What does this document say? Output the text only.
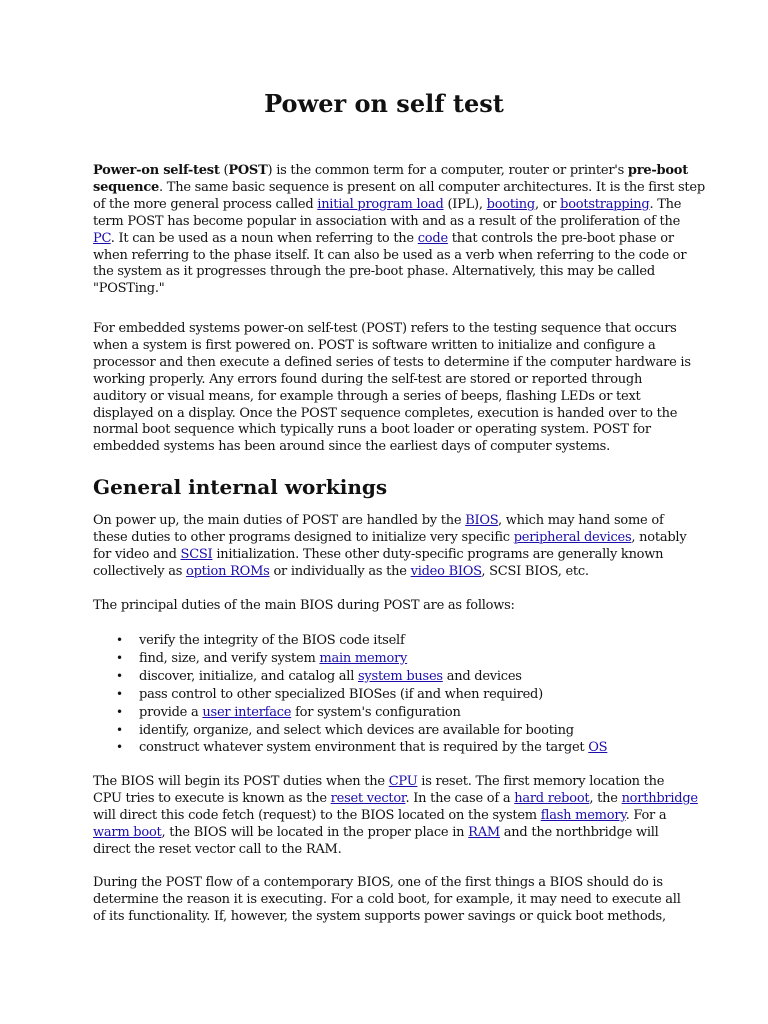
Power on self test
Power-on self-test (POST) is the common term for a computer, router or printer's pre-boot
sequence. The same basic sequence is present on all computer architectures. It is the first step
of the more general process called initial program load (IPL), booting, or bootstrapping. The
term POST has become popular in association with and as a result of the proliferation of the
PC. It can be used as a noun when referring to the code that controls the pre-boot phase or
when referring to the phase itself. It can also be used as a verb when referring to the code or
the system as it progresses through the pre-boot phase. Alternatively, this may be called
"POSTing."
For embedded systems power-on self-test (POST) refers to the testing sequence that occurs
when a system is first powered on. POST is software written to initialize and configure a
processor and then execute a defined series of tests to determine if the computer hardware is
working properly. Any errors found during the self-test are stored or reported through
auditory or visual means, for example through a series of beeps, flashing LEDs or text
displayed on a display. Once the POST sequence completes, execution is handed over to the
normal boot sequence which typically runs a boot loader or operating system. POST for
embedded systems has been around since the earliest days of computer systems.
General internal workings
On power up, the main duties of POST are handled by the BIOS, which may hand some of
these duties to other programs designed to initialize very specific peripheral devices, notably
for video and SCSI initialization. These other duty-specific programs are generally known
collectively as option ROMs or individually as the video BIOS, SCSI BIOS, etc.
The principal duties of the main BIOS during POST are as follows:
• verify the integrity of the BIOS code itself
• find, size, and verify system main memory
• discover, initialize, and catalog all system buses and devices
• pass control to other specialized BIOSes (if and when required)
• provide a user interface for system's configuration
• identify, organize, and select which devices are available for booting
• construct whatever system environment that is required by the target OS
The BIOS will begin its POST duties when the CPU is reset. The first memory location the
CPU tries to execute is known as the reset vector. In the case of a hard reboot, the northbridge
will direct this code fetch (request) to the BIOS located on the system flash memory. For a
warm boot, the BIOS will be located in the proper place in RAM and the northbridge will
direct the reset vector call to the RAM.
During the POST flow of a contemporary BIOS, one of the first things a BIOS should do is
determine the reason it is executing. For a cold boot, for example, it may need to execute all
of its functionality. If, however, the system supports power savings or quick boot methods,
